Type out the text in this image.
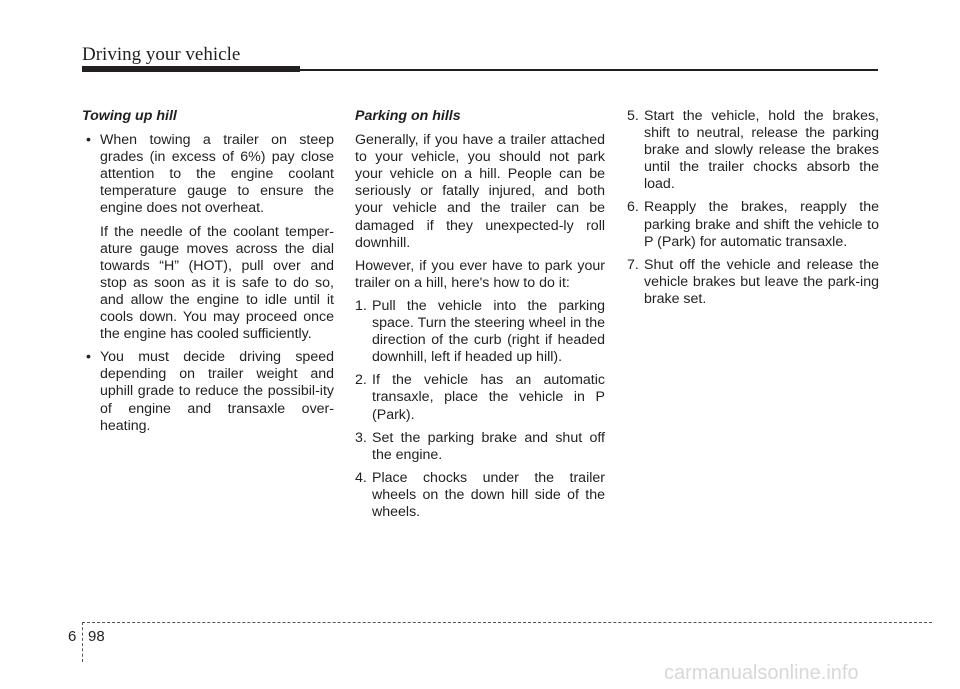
Driving your vehicle
Towing up hill
• When towing a trailer on steep grades (in excess of 6%) pay close attention to the engine coolant temperature gauge to ensure the engine does not overheat.
If the needle of the coolant temper-ature gauge moves across the dial towards “H” (HOT), pull over and stop as soon as it is safe to do so, and allow the engine to idle until it cools down. You may proceed once the engine has cooled sufficiently.
• You must decide driving speed depending on trailer weight and uphill grade to reduce the possibil-ity of engine and transaxle over-heating.
Parking on hills

Generally, if you have a trailer attached to your vehicle, you should not park your vehicle on a hill. People can be seriously or fatally injured, and both your vehicle and the trailer can be damaged if they unexpected-ly roll downhill.

However, if you ever have to park your trailer on a hill, here's how to do it:

1. Pull the vehicle into the parking space. Turn the steering wheel in the direction of the curb (right if headed downhill, left if headed up hill).
2. If the vehicle has an automatic transaxle, place the vehicle in P (Park).
3. Set the parking brake and shut off the engine.
4. Place chocks under the trailer wheels on the down hill side of the wheels.
5. Start the vehicle, hold the brakes, shift to neutral, release the parking brake and slowly release the brakes until the trailer chocks absorb the load.
6. Reapply the brakes, reapply the parking brake and shift the vehicle to P (Park) for automatic transaxle.
7. Shut off the vehicle and release the vehicle brakes but leave the park-ing brake set.
6 98
carmanualsonline.info
